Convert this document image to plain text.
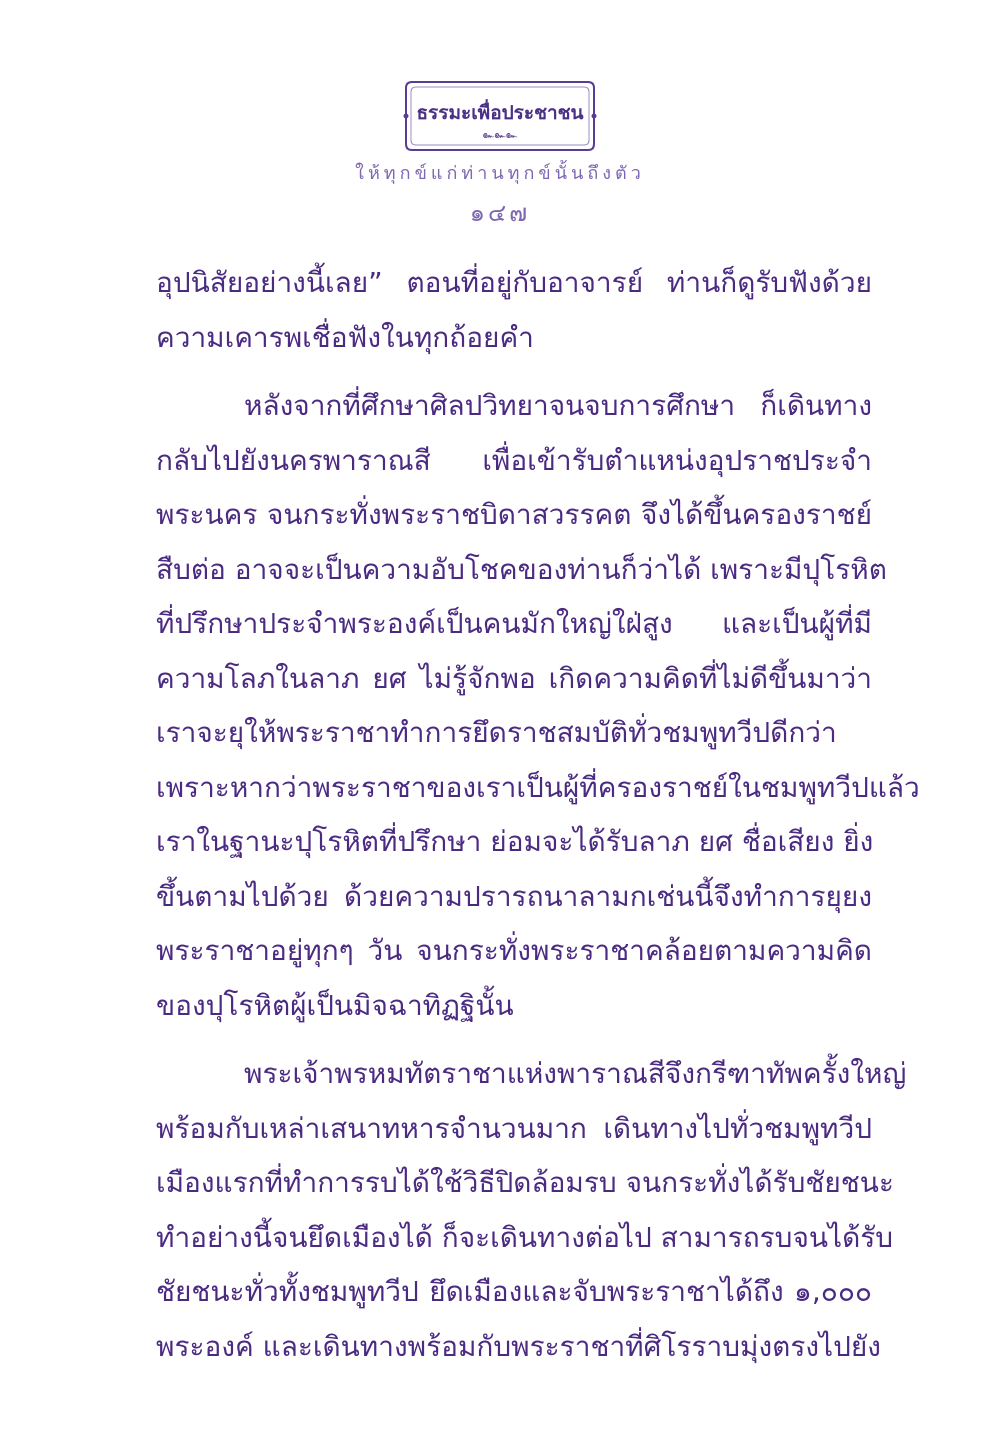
ธรรมะเพื่อประชาชน
๛๛๛
ให้ทุกข์แก่ท่านทุกข์นั้นถึงตัว
๑๔๗
อุปนิสัยอย่างนี้เลย” ตอนที่อยู่กับอาจารย์ ท่านก็ดูรับฟังด้วย
ความเคารพเชื่อฟังในทุกถ้อยคำ
หลังจากที่ศึกษาศิลปวิทยาจนจบการศึกษา ก็เดินทาง
กลับไปยังนครพาราณสี เพื่อเข้ารับตำแหน่งอุปราชประจำ
พระนคร จนกระทั่งพระราชบิดาสวรรคต จึงได้ขึ้นครองราชย์
สืบต่อ อาจจะเป็นความอับโชคของท่านก็ว่าได้ เพราะมีปุโรหิต
ที่ปรึกษาประจำพระองค์เป็นคนมักใหญ่ใฝ่สูง และเป็นผู้ที่มี
ความโลภในลาภ ยศ ไม่รู้จักพอ เกิดความคิดที่ไม่ดีขึ้นมาว่า
เราจะยุให้พระราชาทำการยึดราชสมบัติทั่วชมพูทวีปดีกว่า
เพราะหากว่าพระราชาของเราเป็นผู้ที่ครองราชย์ในชมพูทวีปแล้ว
เราในฐานะปุโรหิตที่ปรึกษา ย่อมจะได้รับลาภ ยศ ชื่อเสียง ยิ่ง
ขึ้นตามไปด้วย ด้วยความปรารถนาลามกเช่นนี้จึงทำการยุยง
พระราชาอยู่ทุกๆ วัน จนกระทั่งพระราชาคล้อยตามความคิด
ของปุโรหิตผู้เป็นมิจฉาทิฏฐินั้น
พระเจ้าพรหมทัตราชาแห่งพาราณสีจึงกรีฑาทัพครั้งใหญ่
พร้อมกับเหล่าเสนาทหารจำนวนมาก เดินทางไปทั่วชมพูทวีป
เมืองแรกที่ทำการรบได้ใช้วิธีปิดล้อมรบ จนกระทั่งได้รับชัยชนะ
ทำอย่างนี้จนยึดเมืองได้ ก็จะเดินทางต่อไป สามารถรบจนได้รับ
ชัยชนะทั่วทั้งชมพูทวีป ยึดเมืองและจับพระราชาได้ถึง ๑,๐๐๐
พระองค์ และเดินทางพร้อมกับพระราชาที่ศิโรราบมุ่งตรงไปยัง
